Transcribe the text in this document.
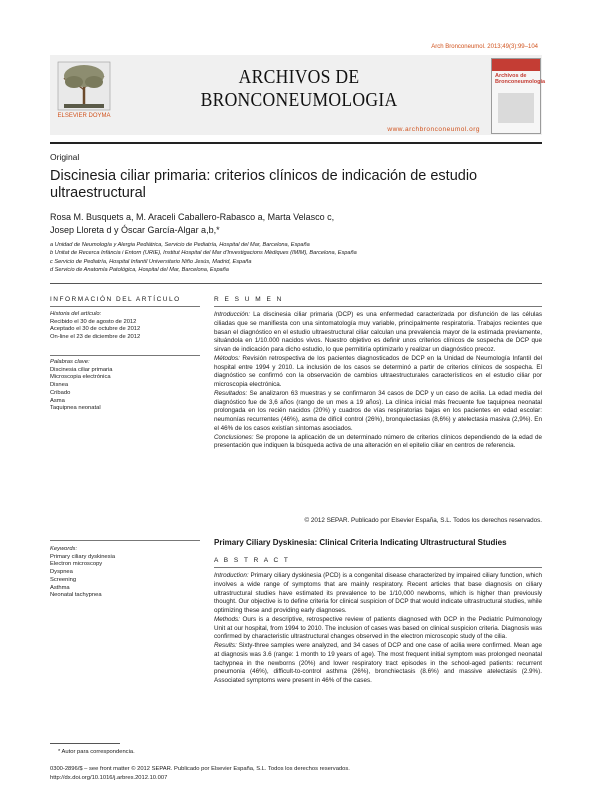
Arch Bronconeumol. 2013;49(3):99–104
ELSEVIER DOYMA
ARCHIVOS DE BRONCONEUMOLOGIA
www.archbronconeumol.org
Archivos de Bronconeumología
Original
Discinesia ciliar primaria: criterios clínicos de indicación de estudio ultraestructural
Rosa M. Busquets a, M. Araceli Caballero-Rabasco a, Marta Velasco c,
Josep Lloreta d y Óscar García-Algar a,b,*
a Unidad de Neumología y Alergia Pediátrica, Servicio de Pediatría, Hospital del Mar, Barcelona, España
b Unitat de Recerca Infància i Entorn (URIE), Institut Hospital del Mar d'Investigacions Mèdiques (IMIM), Barcelona, España
c Servicio de Pediatría, Hospital Infantil Universitario Niño Jesús, Madrid, España
d Servicio de Anatomía Patológica, Hospital del Mar, Barcelona, España
INFORMACIÓN DEL ARTÍCULO
Historia del artículo:
Recibido el 30 de agosto de 2012
Aceptado el 30 de octubre de 2012
On-line el 23 de diciembre de 2012
Palabras clave:
Discinesia ciliar primaria
Microscopia electrónica
Disnea
Cribado
Asma
Taquipnea neonatal
R E S U M E N

Introducción: La discinesia ciliar primaria (DCP) es una enfermedad caracterizada por disfunción de las células ciliadas que se manifiesta con una sintomatología muy variable, principalmente respiratoria. Trabajos recientes que basan el diagnóstico en el estudio ultraestructural ciliar calculan una prevalencia mayor de la estimada previamente, situándola en 1/10.000 nacidos vivos. Nuestro objetivo es definir unos criterios clínicos de sospecha de DCP que sirvan de indicación para dicho estudio, lo que permitiría optimizarlo y realizar un diagnóstico precoz.

Métodos: Revisión retrospectiva de los pacientes diagnosticados de DCP en la Unidad de Neumología Infantil del hospital entre 1994 y 2010. La inclusión de los casos se determinó a partir de criterios clínicos de sospecha. El diagnóstico se confirmó con la observación de cambios ultraestructurales característicos en el estudio ciliar por microscopia electrónica.

Resultados: Se analizaron 63 muestras y se confirmaron 34 casos de DCP y un caso de acilia. La edad media del diagnóstico fue de 3,6 años (rango de un mes a 19 años). La clínica inicial más frecuente fue taquipnea neonatal prolongada en los recién nacidos (20%) y cuadros de vías respiratorias bajas en los pacientes en edad escolar: neumonías recurrentes (46%), asma de difícil control (26%), bronquiectasias (8,6%) y atelectasia masiva (2,9%). En el 46% de los casos existían síntomas asociados.

Conclusiones: Se propone la aplicación de un determinado número de criterios clínicos dependiendo de la edad de presentación que indiquen la búsqueda activa de una alteración en el epitelio ciliar en centros de referencia.

© 2012 SEPAR. Publicado por Elsevier España, S.L. Todos los derechos reservados.
Keywords:
Primary ciliary dyskinesia
Electron microscopy
Dyspnea
Screening
Asthma
Neonatal tachypnea
Primary Ciliary Dyskinesia: Clinical Criteria Indicating Ultrastructural Studies
A B S T R A C T

Introduction: Primary ciliary dyskinesia (PCD) is a congenital disease characterized by impaired ciliary function, which involves a wide range of symptoms that are mainly respiratory. Recent articles that base diagnosis on ciliary ultrastructural studies have estimated its prevalence to be 1/10,000 newborns, which is higher than previously thought. Our objective is to define criteria for clinical suspicion of DCP that would indicate ultrastructural studies, while optimizing these and providing early diagnoses.

Methods: Ours is a descriptive, retrospective review of patients diagnosed with DCP in the Pediatric Pulmonology Unit at our hospital, from 1994 to 2010. The inclusion of cases was based on clinical suspicion criteria. Diagnosis was confirmed by characteristic ultrastructural changes observed in the electron microscopic study of the cilia.

Results: Sixty-three samples were analyzed, and 34 cases of DCP and one case of acilia were confirmed. Mean age at diagnosis was 3.6 (range: 1 month to 19 years of age). The most frequent initial symptom was prolonged neonatal tachypnea in the newborns (20%) and lower respiratory tract episodes in the school-aged patients: recurrent pneumonia (46%), difficult-to-control asthma (26%), bronchiectasis (8.6%) and massive atelectasis (2.9%). Associated symptoms were present in 46% of the cases.

* Autor para correspondencia.
0300-2896/$ – see front matter © 2012 SEPAR. Publicado por Elsevier España, S.L. Todos los derechos reservados.
http://dx.doi.org/10.1016/j.arbres.2012.10.007
